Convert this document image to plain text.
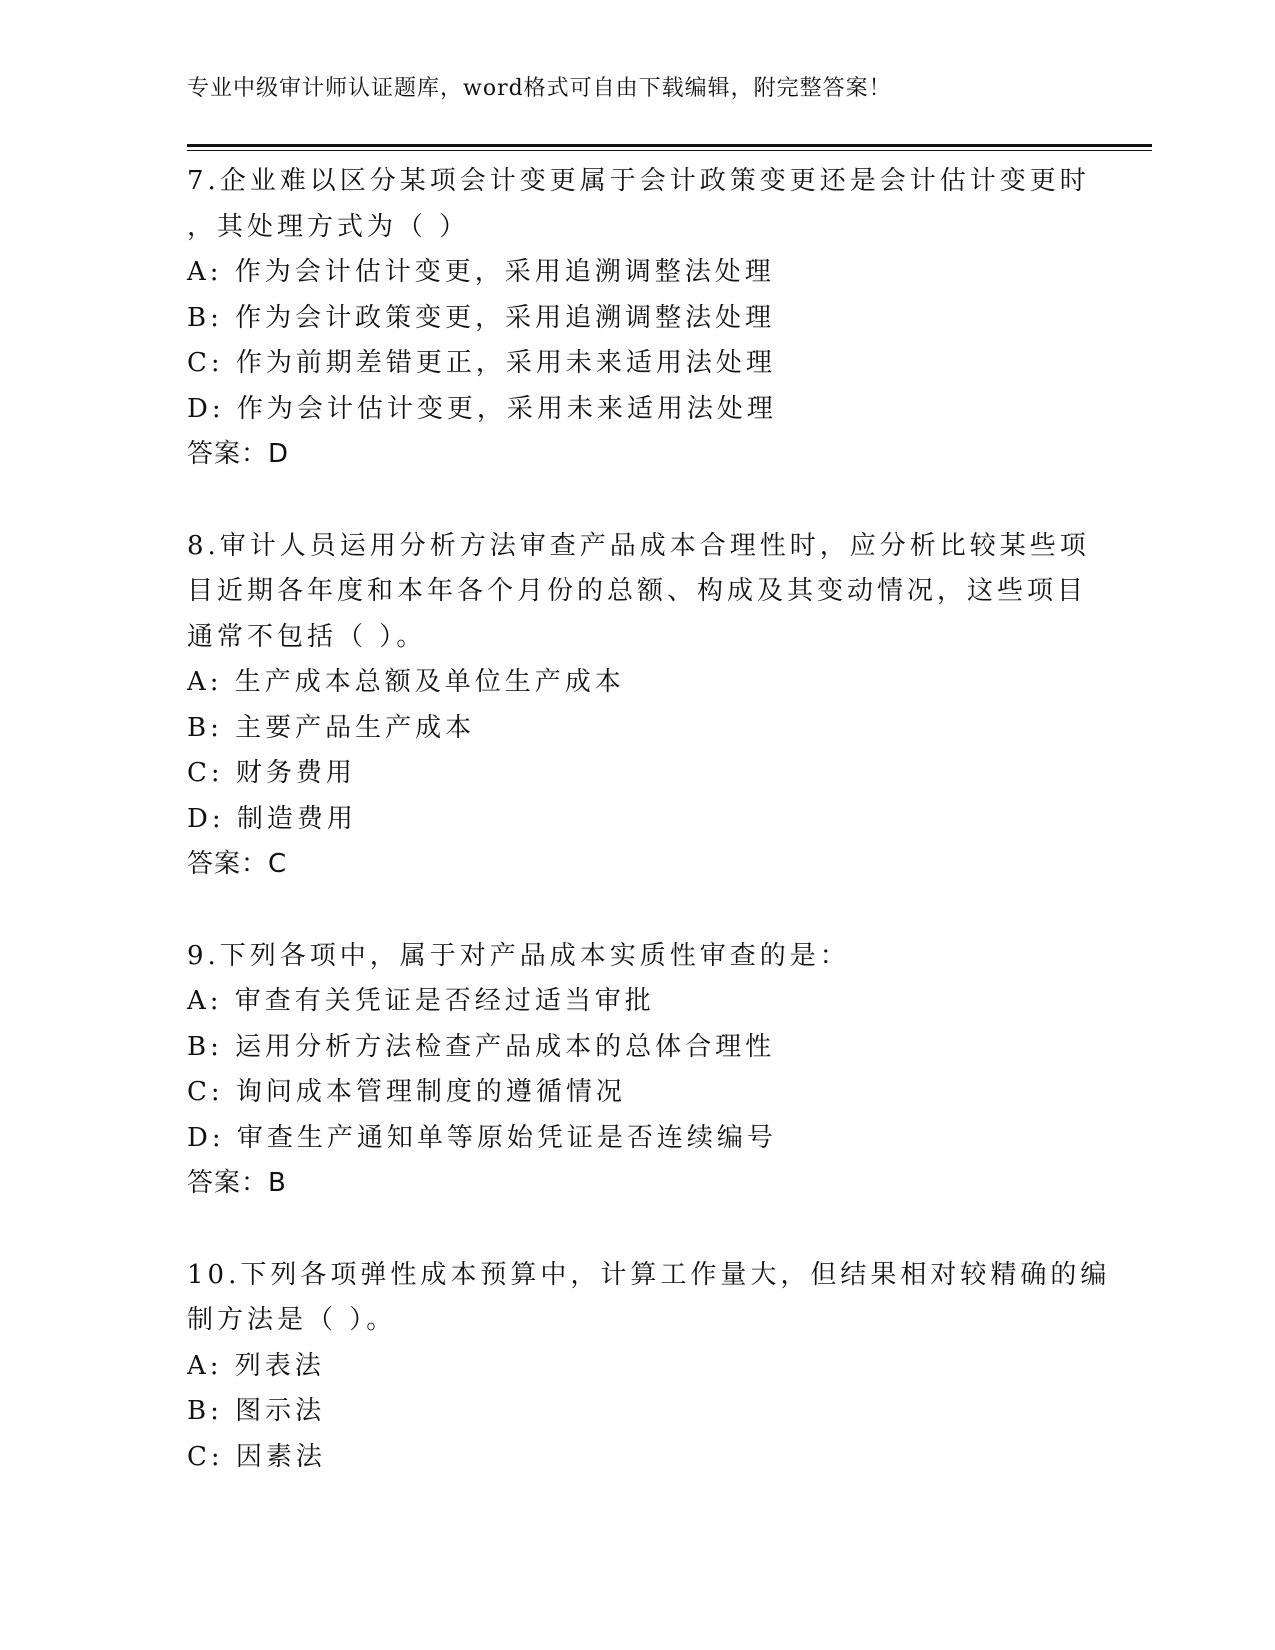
专业中级审计师认证题库，word格式可自由下载编辑，附完整答案！
7.企业难以区分某项会计变更属于会计政策变更还是会计估计变更时
，其处理方式为（ ）
A: 作为会计估计变更，采用追溯调整法处理
B: 作为会计政策变更，采用追溯调整法处理
C: 作为前期差错更正，采用未来适用法处理
D: 作为会计估计变更，采用未来适用法处理
答案：D
8.审计人员运用分析方法审查产品成本合理性时，应分析比较某些项
目近期各年度和本年各个月份的总额、构成及其变动情况，这些项目
通常不包括（ ）。
A: 生产成本总额及单位生产成本
B: 主要产品生产成本
C: 财务费用
D: 制造费用
答案：C
9.下列各项中，属于对产品成本实质性审查的是：
A: 审查有关凭证是否经过适当审批
B: 运用分析方法检查产品成本的总体合理性
C: 询问成本管理制度的遵循情况
D: 审查生产通知单等原始凭证是否连续编号
答案：B
10.下列各项弹性成本预算中，计算工作量大，但结果相对较精确的编
制方法是（ ）。
A: 列表法
B: 图示法
C: 因素法
